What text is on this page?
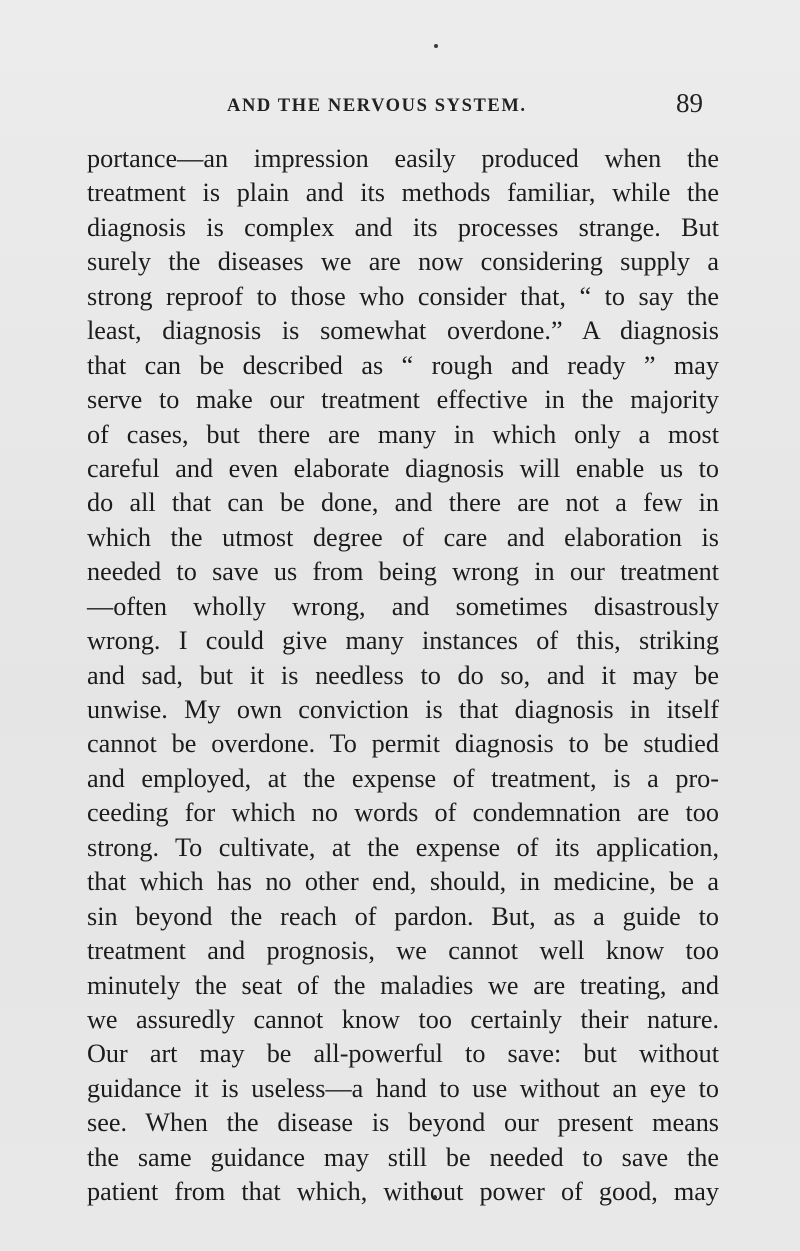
AND THE NERVOUS SYSTEM.	89
portance—an impression easily produced when the
treatment is plain and its methods familiar, while the
diagnosis is complex and its processes strange. But
surely the diseases we are now considering supply a
strong reproof to those who consider that, “ to say the
least, diagnosis is somewhat overdone.” A diagnosis
that can be described as “ rough and ready ” may
serve to make our treatment effective in the majority
of cases, but there are many in which only a most
careful and even elaborate diagnosis will enable us to
do all that can be done, and there are not a few in
which the utmost degree of care and elaboration is
needed to save us from being wrong in our treatment
—often wholly wrong, and sometimes disastrously
wrong. I could give many instances of this, striking
and sad, but it is needless to do so, and it may be
unwise. My own conviction is that diagnosis in itself
cannot be overdone. To permit diagnosis to be studied
and employed, at the expense of treatment, is a pro-
ceeding for which no words of condemnation are too
strong. To cultivate, at the expense of its application,
that which has no other end, should, in medicine, be a
sin beyond the reach of pardon. But, as a guide to
treatment and prognosis, we cannot well know too
minutely the seat of the maladies we are treating, and
we assuredly cannot know too certainly their nature.
Our art may be all-powerful to save: but without
guidance it is useless—a hand to use without an eye to
see. When the disease is beyond our present means
the same guidance may still be needed to save the
patient from that which, without power of good, may
